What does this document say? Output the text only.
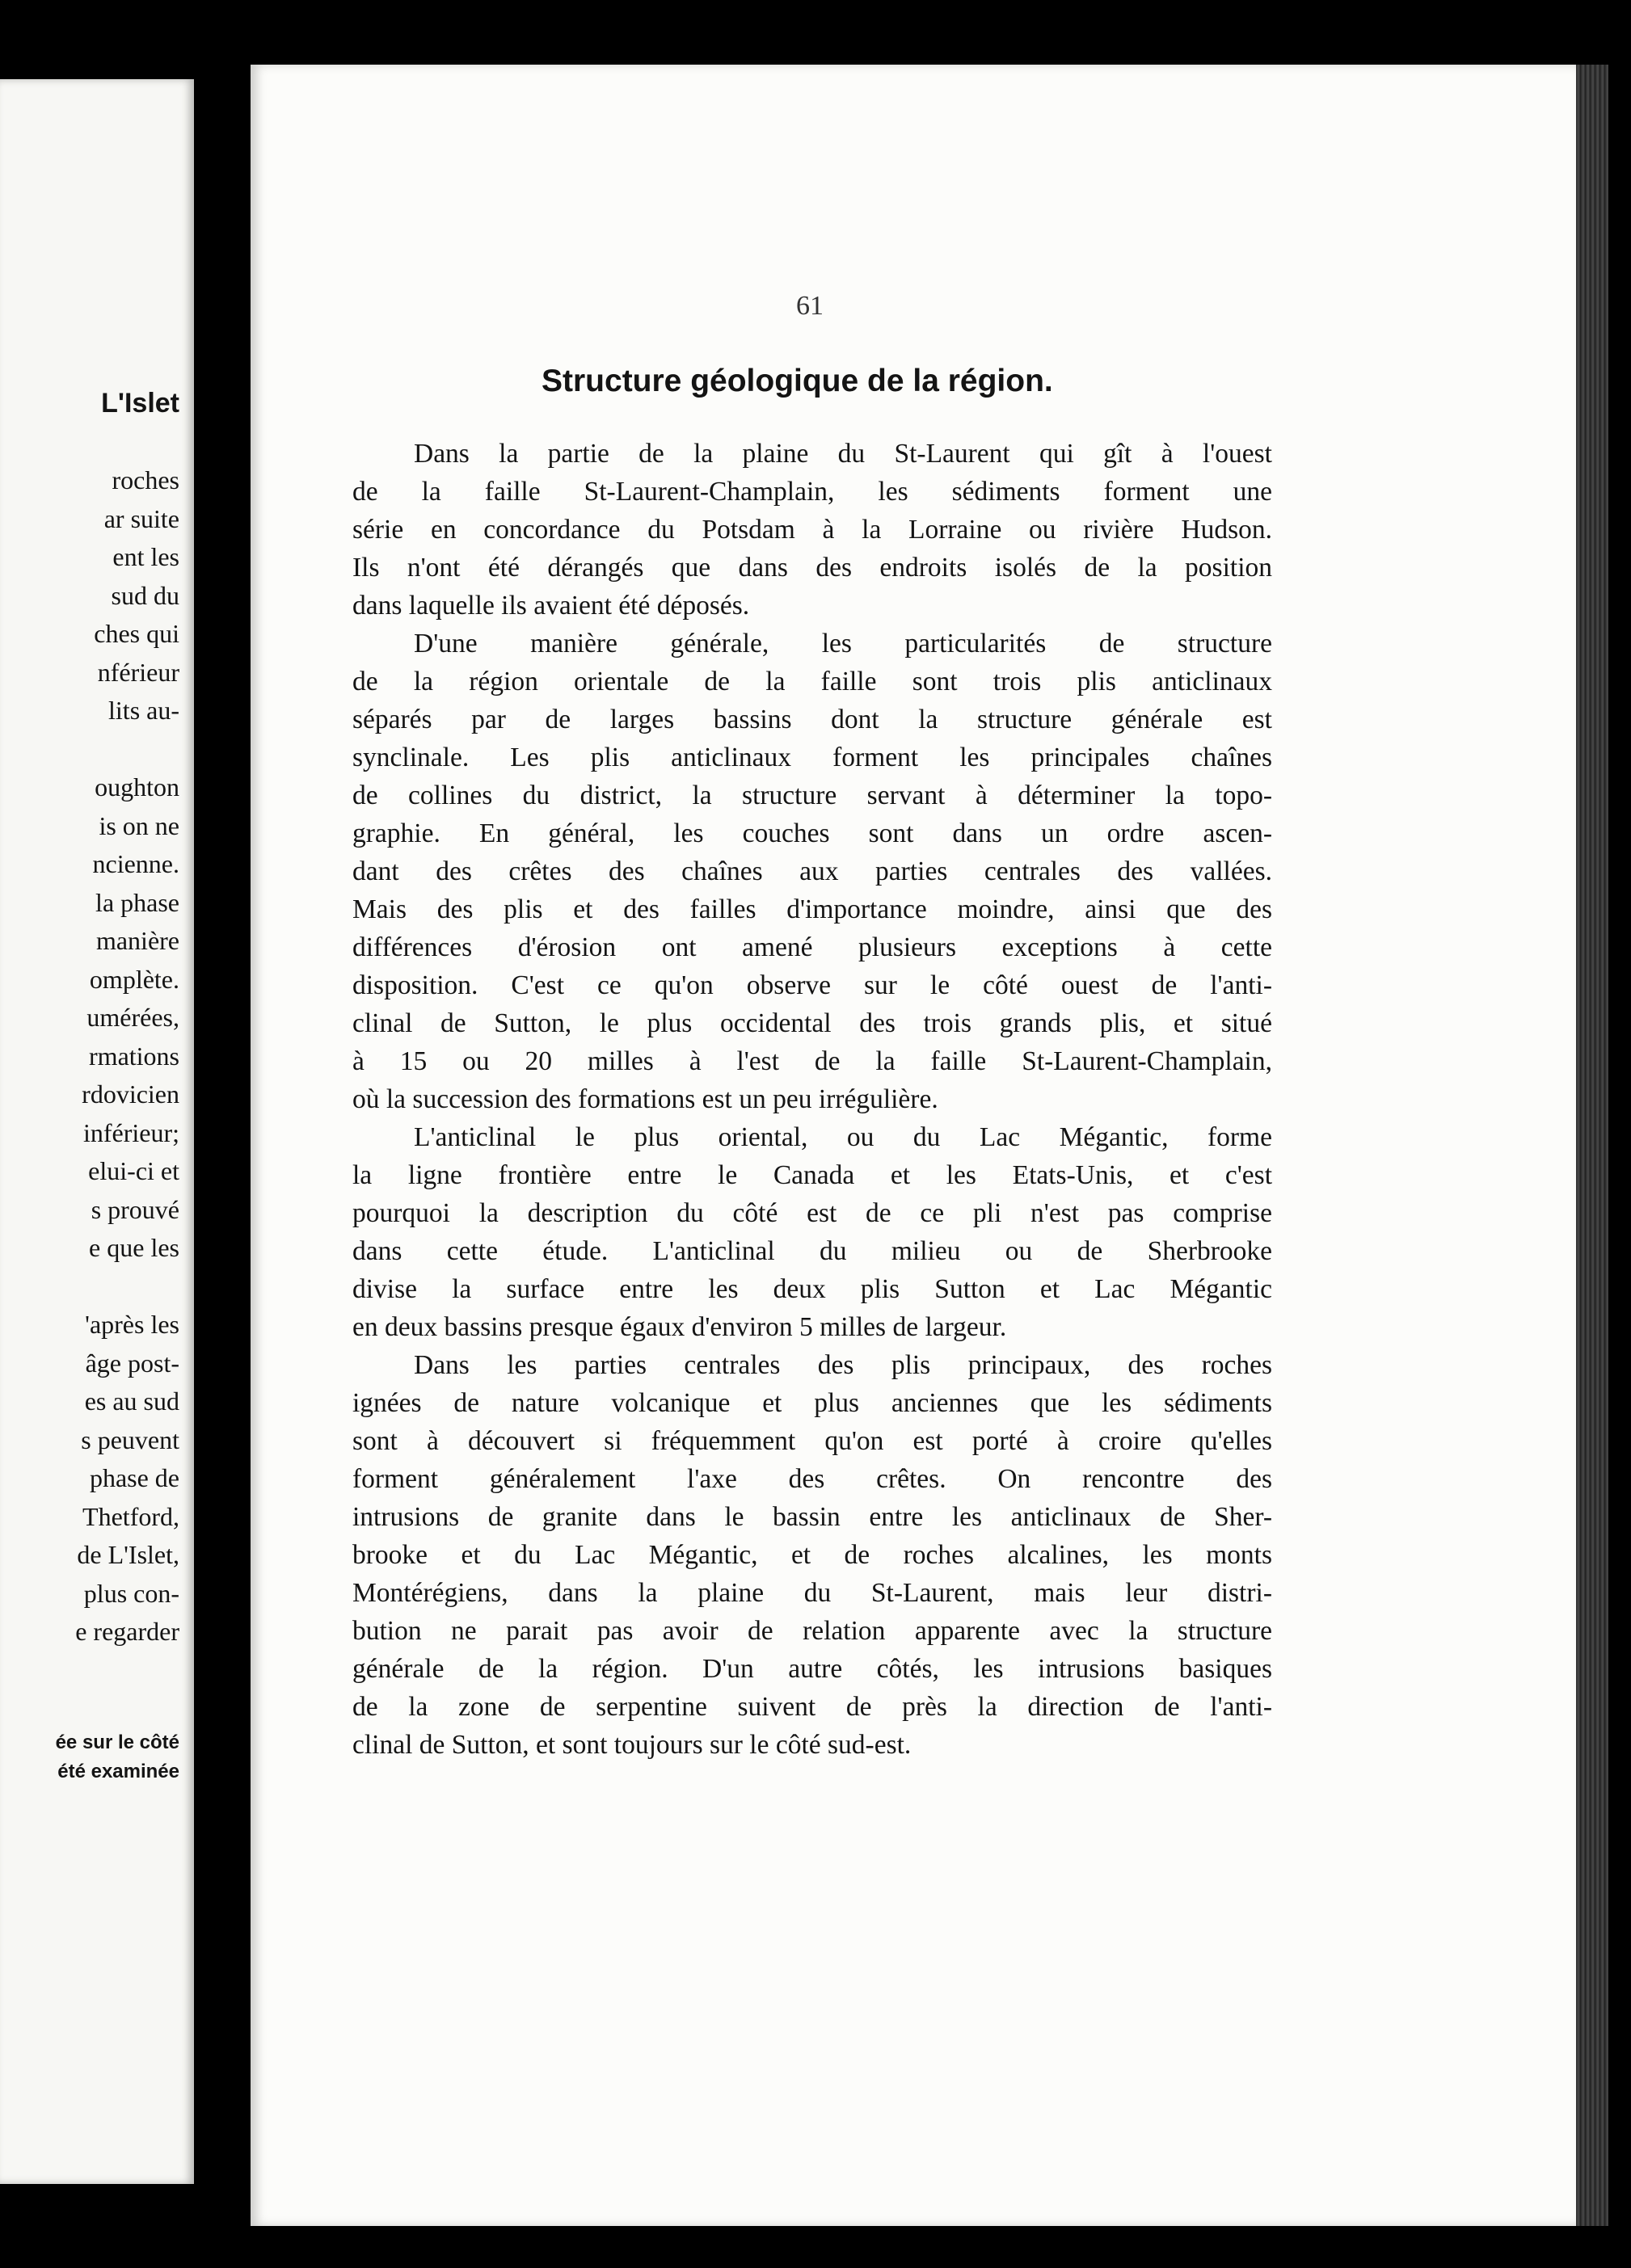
L'Islet
roches
ar suite
ent les
sud du
ches qui
nférieur
lits au-
oughton
is on ne
ncienne.
la phase
manière
omplète.
umérées,
rmations
rdovicien
inférieur;
elui-ci et
s prouvé
e que les
'après les
âge post-
es au sud
s peuvent
phase de
Thetford,
de L'Islet,
plus con-
e regarder
ée sur le côté
été examinée
61
Structure géologique de la région.
Dans la partie de la plaine du St-Laurent qui gît à l'ouest
de la faille St-Laurent-Champlain, les sédiments forment une
série en concordance du Potsdam à la Lorraine ou rivière Hudson.
Ils n'ont été dérangés que dans des endroits isolés de la position
dans laquelle ils avaient été déposés.
D'une manière générale, les particularités de structure
de la région orientale de la faille sont trois plis anticlinaux
séparés par de larges bassins dont la structure générale est
synclinale. Les plis anticlinaux forment les principales chaînes
de collines du district, la structure servant à déterminer la topo-
graphie. En général, les couches sont dans un ordre ascen-
dant des crêtes des chaînes aux parties centrales des vallées.
Mais des plis et des failles d'importance moindre, ainsi que des
différences d'érosion ont amené plusieurs exceptions à cette
disposition. C'est ce qu'on observe sur le côté ouest de l'anti-
clinal de Sutton, le plus occidental des trois grands plis, et situé
à 15 ou 20 milles à l'est de la faille St-Laurent-Champlain,
où la succession des formations est un peu irrégulière.
L'anticlinal le plus oriental, ou du Lac Mégantic, forme
la ligne frontière entre le Canada et les Etats-Unis, et c'est
pourquoi la description du côté est de ce pli n'est pas comprise
dans cette étude. L'anticlinal du milieu ou de Sherbrooke
divise la surface entre les deux plis Sutton et Lac Mégantic
en deux bassins presque égaux d'environ 5 milles de largeur.
Dans les parties centrales des plis principaux, des roches
ignées de nature volcanique et plus anciennes que les sédiments
sont à découvert si fréquemment qu'on est porté à croire qu'elles
forment généralement l'axe des crêtes. On rencontre des
intrusions de granite dans le bassin entre les anticlinaux de Sher-
brooke et du Lac Mégantic, et de roches alcalines, les monts
Montérégiens, dans la plaine du St-Laurent, mais leur distri-
bution ne parait pas avoir de relation apparente avec la structure
générale de la région. D'un autre côtés, les intrusions basiques
de la zone de serpentine suivent de près la direction de l'anti-
clinal de Sutton, et sont toujours sur le côté sud-est.
